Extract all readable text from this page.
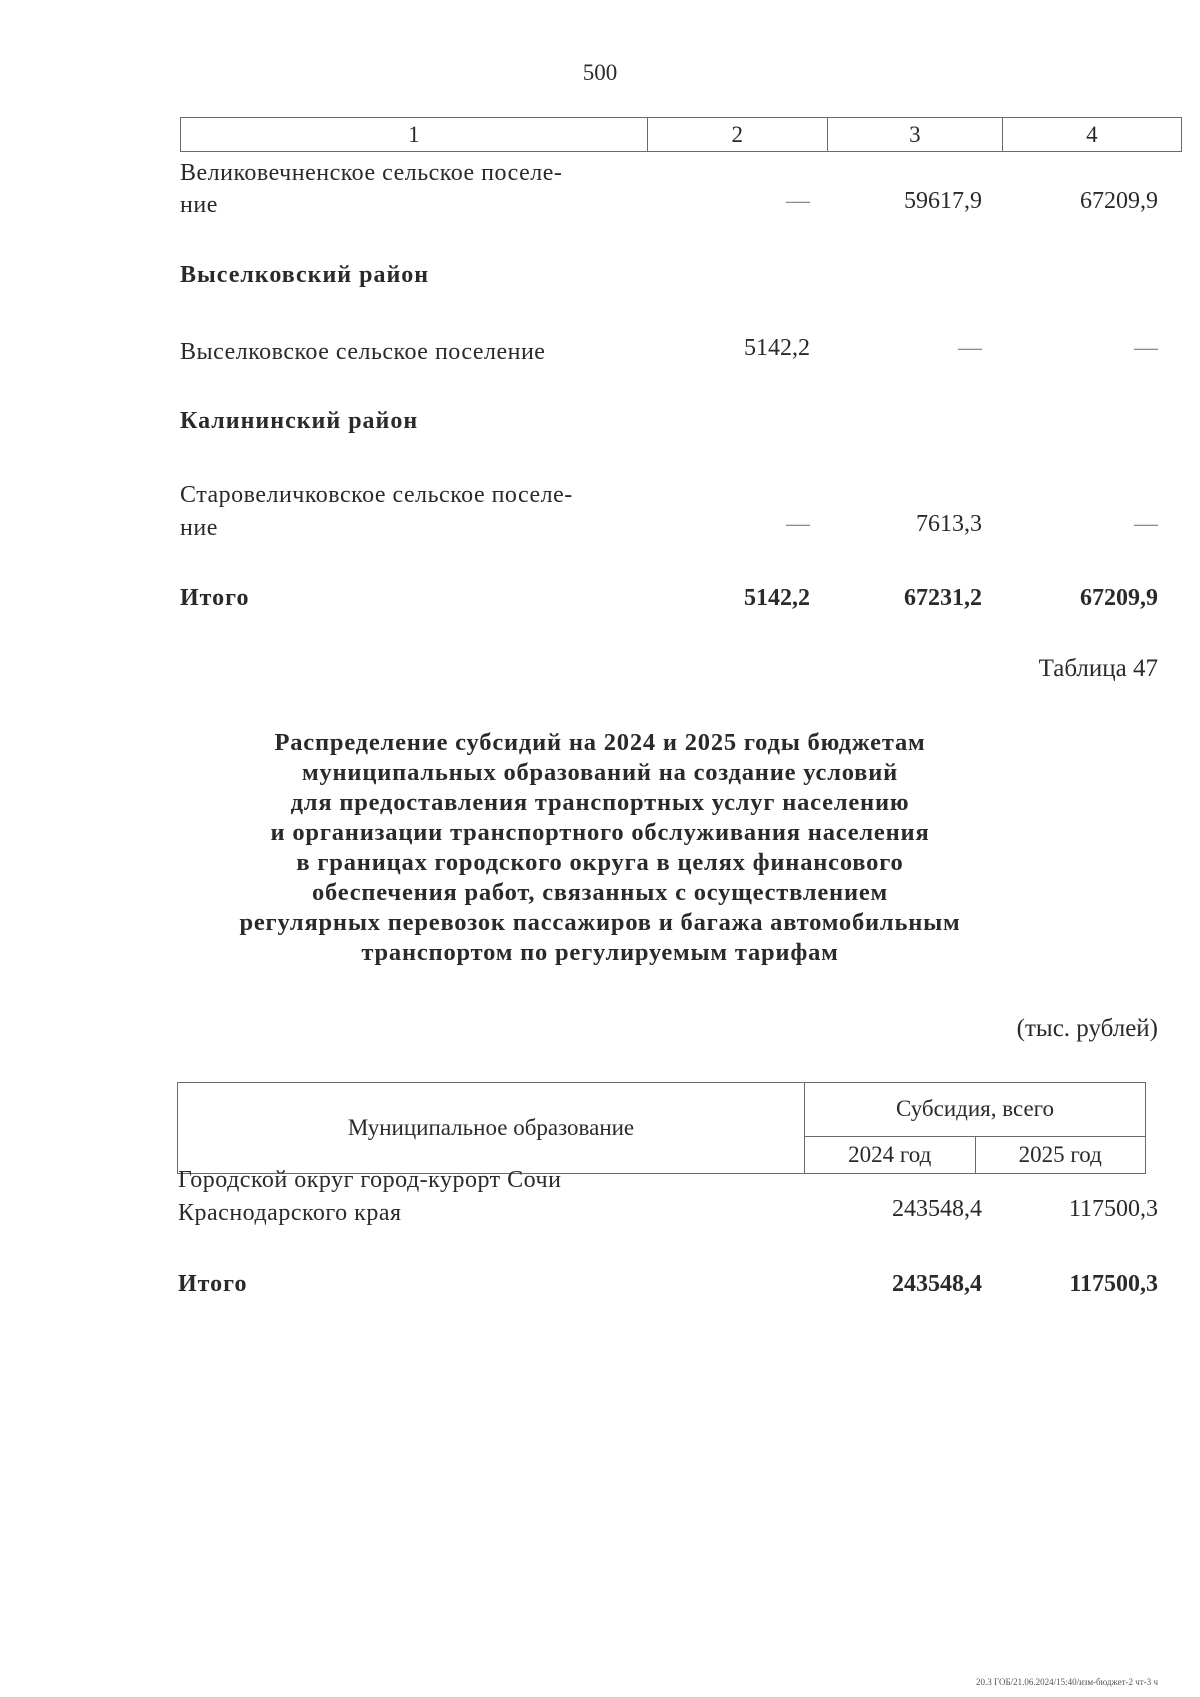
500
1	2	3	4
Великовечненское сельское поселе-
ние	—	59617,9	67209,9
Выселковский район
Выселковское сельское поселение	5142,2	—	—
Калининский район
Старовеличковское сельское поселе-
ние	—	7613,3	—
Итого	5142,2	67231,2	67209,9
Таблица 47
Распределение субсидий на 2024 и 2025 годы бюджетам
муниципальных образований на создание условий
для предоставления транспортных услуг населению
и организации транспортного обслуживания населения
в границах городского округа в целях финансового
обеспечения работ, связанных с осуществлением
регулярных перевозок пассажиров и багажа автомобильным
транспортом по регулируемым тарифам
(тыс. рублей)
Муниципальное образование	Субсидия, всего	
	2024 год	2025 год
Городской округ город-курорт Сочи
Краснодарского края	243548,4	117500,3
Итого	243548,4	117500,3
20.3 ГОБ/21.06.2024/15:40/изм-бюджет-2 чт-3 ч
